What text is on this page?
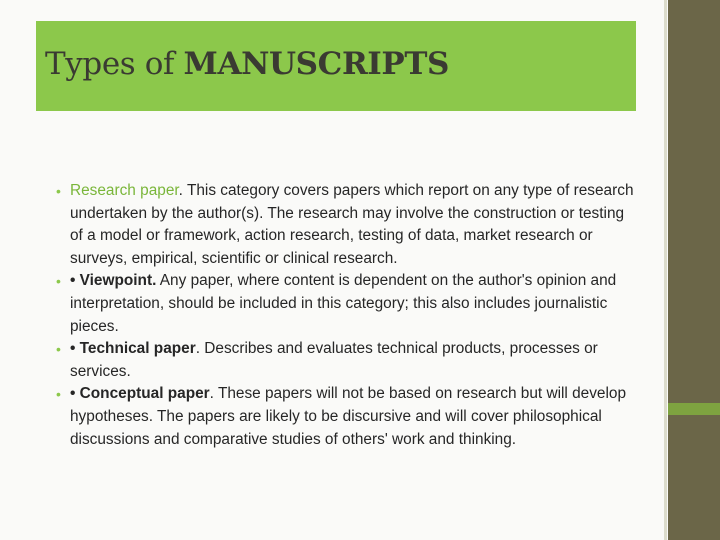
Types of MANUSCRIPTS
• Research paper. This category covers papers which report on any type of research undertaken by the author(s). The research may involve the construction or testing of a model or framework, action research, testing of data, market research or surveys, empirical, scientific or clinical research.
• • Viewpoint. Any paper, where content is dependent on the author's opinion and interpretation, should be included in this category; this also includes journalistic pieces.
• • Technical paper. Describes and evaluates technical products, processes or services.
• • Conceptual paper. These papers will not be based on research but will develop hypotheses. The papers are likely to be discursive and will cover philosophical discussions and comparative studies of others' work and thinking.
